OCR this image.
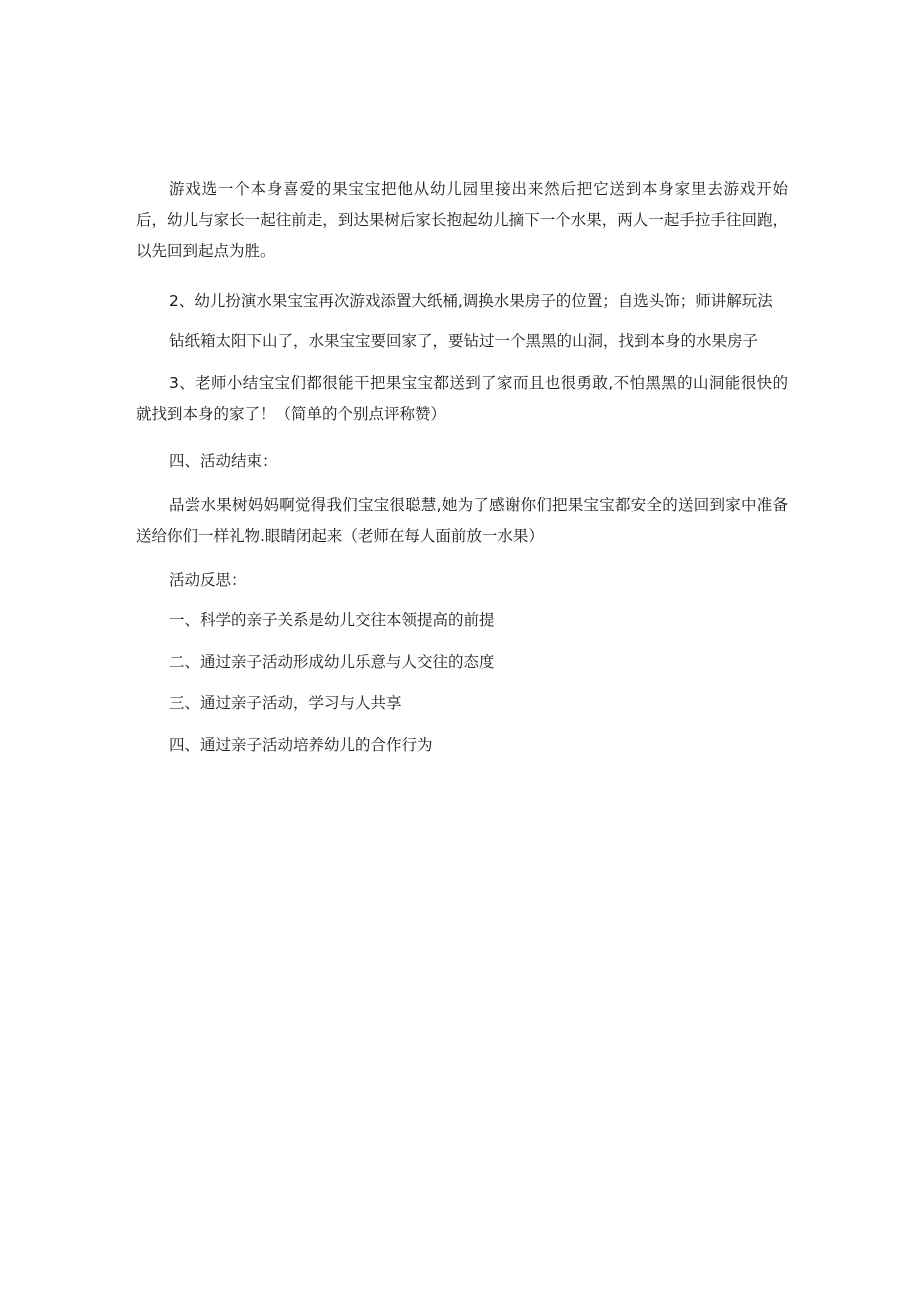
游戏选一个本身喜爱的果宝宝把他从幼儿园里接出来然后把它送到本身家里去游戏开始后，幼儿与家长一起往前走，到达果树后家长抱起幼儿摘下一个水果，两人一起手拉手往回跑，以先回到起点为胜。

2、幼儿扮演水果宝宝再次游戏添置大纸桶,调换水果房子的位置；自选头饰；师讲解玩法

钻纸箱太阳下山了，水果宝宝要回家了，要钻过一个黑黑的山洞，找到本身的水果房子

3、老师小结宝宝们都很能干把果宝宝都送到了家而且也很勇敢,不怕黑黑的山洞能很快的就找到本身的家了！（简单的个别点评称赞）

四、活动结束：

品尝水果树妈妈啊觉得我们宝宝很聪慧,她为了感谢你们把果宝宝都安全的送回到家中准备送给你们一样礼物.眼睛闭起来（老师在每人面前放一水果）

活动反思：

一、科学的亲子关系是幼儿交往本领提高的前提

二、通过亲子活动形成幼儿乐意与人交往的态度

三、通过亲子活动，学习与人共享

四、通过亲子活动培养幼儿的合作行为
